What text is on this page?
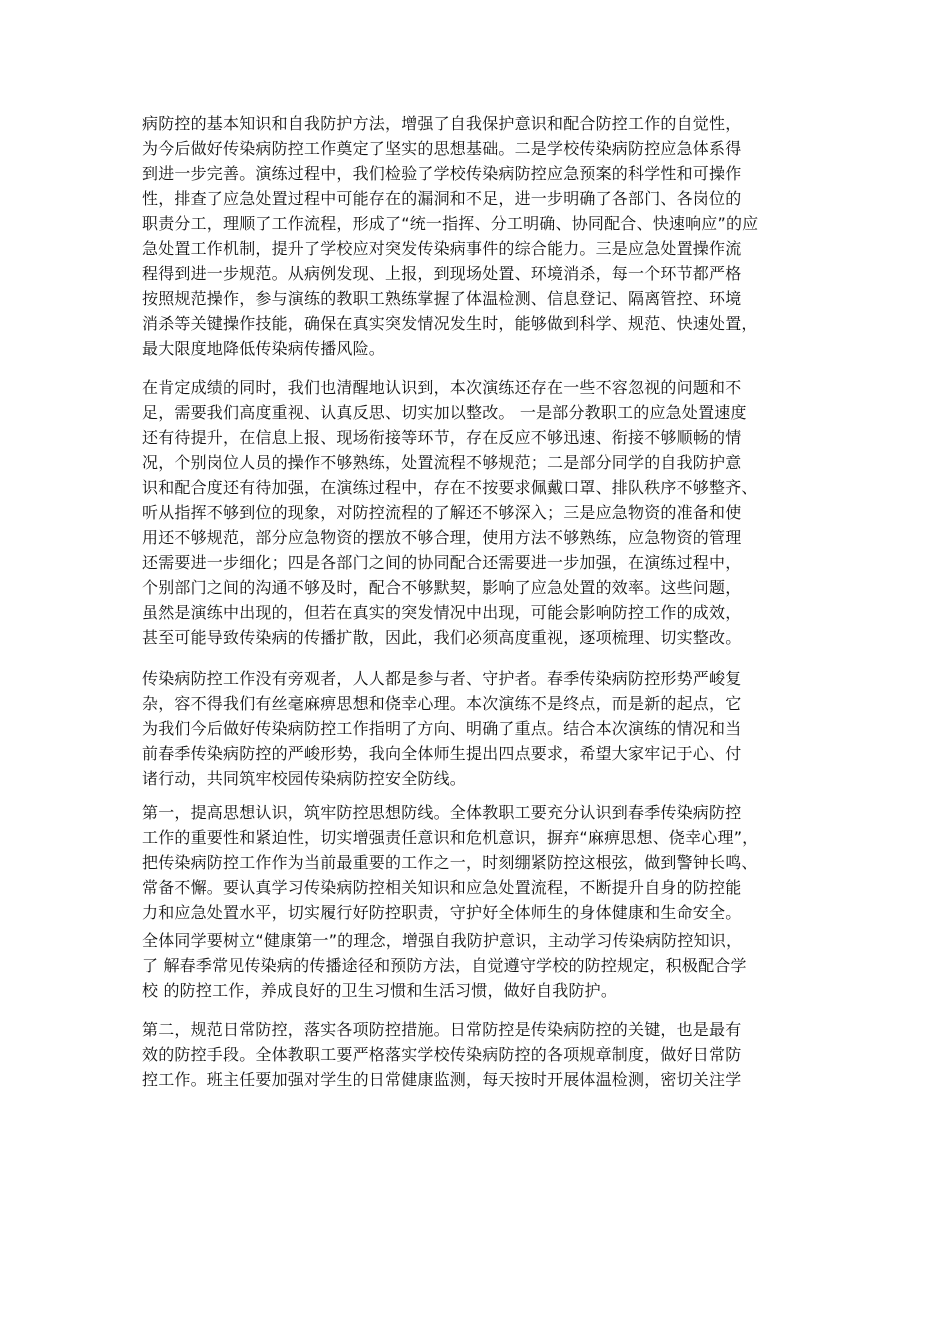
病防控的基本知识和自我防护方法，增强了自我保护意识和配合防控工作的自觉性，
为今后做好传染病防控工作奠定了坚实的思想基础。二是学校传染病防控应急体系得
到进一步完善。演练过程中，我们检验了学校传染病防控应急预案的科学性和可操作
性，排查了应急处置过程中可能存在的漏洞和不足，进一步明确了各部门、各岗位的
职责分工，理顺了工作流程，形成了“统一指挥、分工明确、协同配合、快速响应”的应
急处置工作机制，提升了学校应对突发传染病事件的综合能力。三是应急处置操作流
程得到进一步规范。从病例发现、上报，到现场处置、环境消杀，每一个环节都严格
按照规范操作，参与演练的教职工熟练掌握了体温检测、信息登记、隔离管控、环境
消杀等关键操作技能，确保在真实突发情况发生时，能够做到科学、规范、快速处置，
最大限度地降低传染病传播风险。
在肯定成绩的同时，我们也清醒地认识到，本次演练还存在一些不容忽视的问题和不
足，需要我们高度重视、认真反思、切实加以整改。 一是部分教职工的应急处置速度
还有待提升，在信息上报、现场衔接等环节，存在反应不够迅速、衔接不够顺畅的情
况，个别岗位人员的操作不够熟练，处置流程不够规范；二是部分同学的自我防护意
识和配合度还有待加强，在演练过程中，存在不按要求佩戴口罩、排队秩序不够整齐、
听从指挥不够到位的现象，对防控流程的了解还不够深入；三是应急物资的准备和使
用还不够规范，部分应急物资的摆放不够合理，使用方法不够熟练，应急物资的管理
还需要进一步细化；四是各部门之间的协同配合还需要进一步加强，在演练过程中，
个别部门之间的沟通不够及时，配合不够默契，影响了应急处置的效率。这些问题，
虽然是演练中出现的，但若在真实的突发情况中出现，可能会影响防控工作的成效，
甚至可能导致传染病的传播扩散，因此，我们必须高度重视，逐项梳理、切实整改。
传染病防控工作没有旁观者，人人都是参与者、守护者。春季传染病防控形势严峻复
杂，容不得我们有丝毫麻痹思想和侥幸心理。本次演练不是终点，而是新的起点，它
为我们今后做好传染病防控工作指明了方向、明确了重点。结合本次演练的情况和当
前春季传染病防控的严峻形势，我向全体师生提出四点要求，希望大家牢记于心、付
诸行动，共同筑牢校园传染病防控安全防线。
第一，提高思想认识，筑牢防控思想防线。全体教职工要充分认识到春季传染病防控
工作的重要性和紧迫性，切实增强责任意识和危机意识，摒弃“麻痹思想、侥幸心理”，
把传染病防控工作作为当前最重要的工作之一，时刻绷紧防控这根弦，做到警钟长鸣、
常备不懈。要认真学习传染病防控相关知识和应急处置流程，不断提升自身的防控能
力和应急处置水平，切实履行好防控职责，守护好全体师生的身体健康和生命安全。
全体同学要树立“健康第一”的理念，增强自我防护意识，主动学习传染病防控知识，
了 解春季常见传染病的传播途径和预防方法，自觉遵守学校的防控规定，积极配合学
校 的防控工作，养成良好的卫生习惯和生活习惯，做好自我防护。
第二，规范日常防控，落实各项防控措施。日常防控是传染病防控的关键，也是最有
效的防控手段。全体教职工要严格落实学校传染病防控的各项规章制度，做好日常防
控工作。班主任要加强对学生的日常健康监测，每天按时开展体温检测，密切关注学
